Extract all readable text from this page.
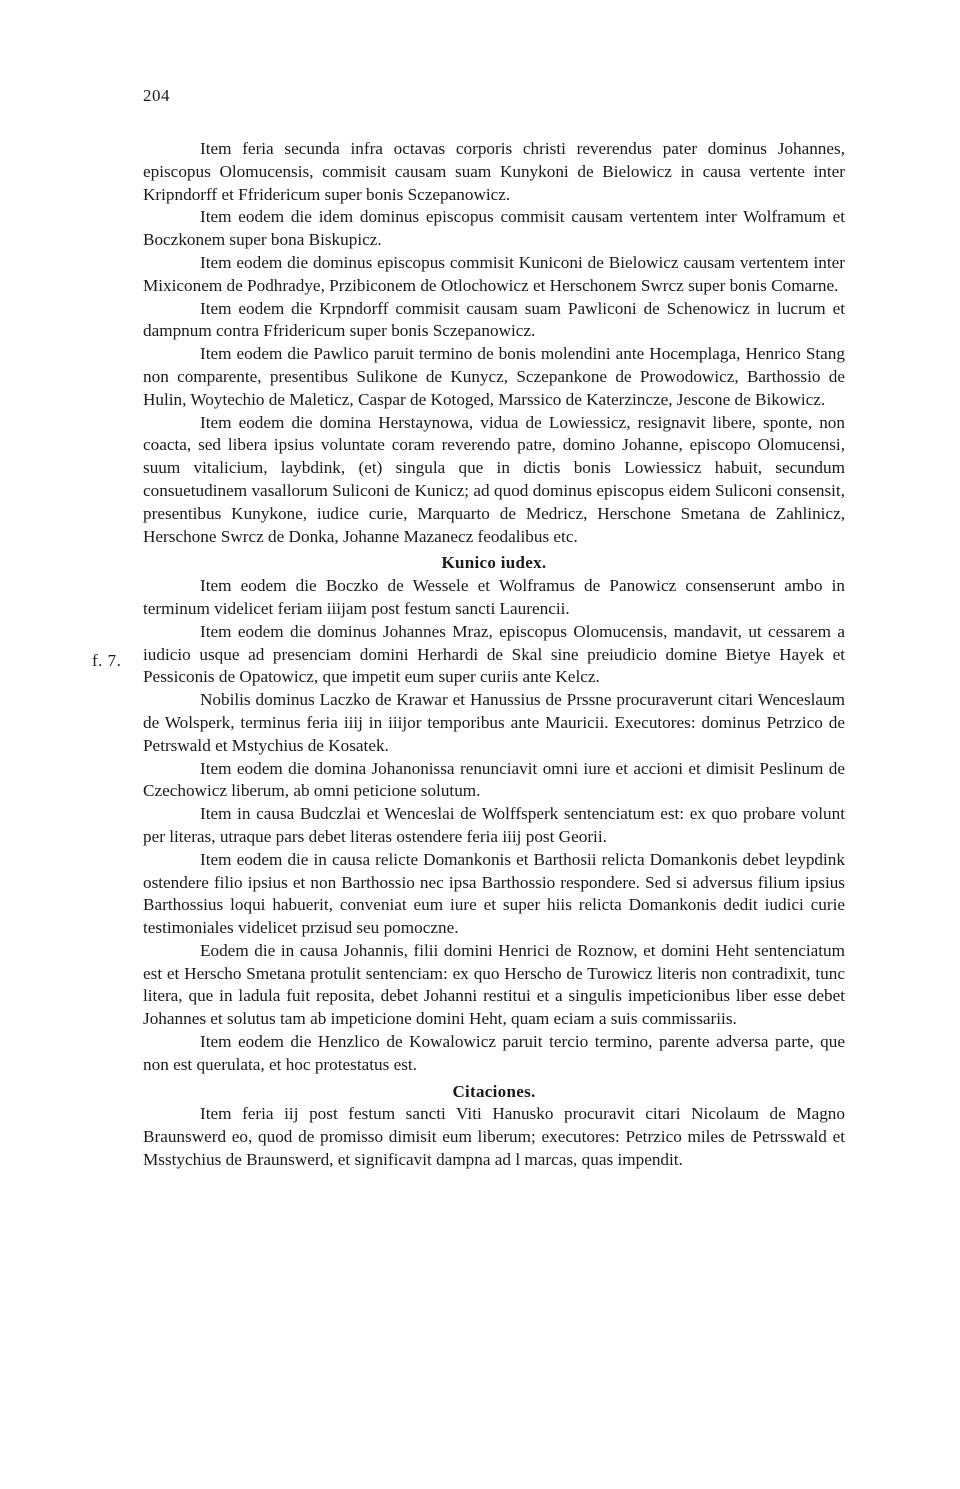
204
f. 7.

Item feria secunda infra octavas corporis christi reverendus pater dominus Johannes, episcopus Olomucensis, commisit causam suam Kunykoni de Bielowicz in causa vertente inter Kripndorff et Ffridericum super bonis Sczepanowicz.

Item eodem die idem dominus episcopus commisit causam vertentem inter Wolframum et Boczkonem super bona Biskupicz.

Item eodem die dominus episcopus commisit Kuniconi de Bielowicz causam vertentem inter Mixiconem de Podhradye, Przibiconem de Otlochowicz et Herschonem Swrcz super bonis Comarne.

Item eodem die Krpndorff commisit causam suam Pawliconi de Schenowicz in lucrum et dampnum contra Ffridericum super bonis Sczepanowicz.

Item eodem die Pawlico paruit termino de bonis molendini ante Hocemplaga, Henrico Stang non comparente, presentibus Sulikone de Kunycz, Sczepankone de Prowodowicz, Barthossio de Hulin, Woytechio de Maleticz, Caspar de Kotoged, Marssico de Katerzincze, Jescone de Bikowicz.

Item eodem die domina Herstaynowa, vidua de Lowiessicz, resignavit libere, sponte, non coacta, sed libera ipsius voluntate coram reverendo patre, domino Johanne, episcopo Olomucensi, suum vitalicium, laybdink, (et) singula que in dictis bonis Lowiessicz habuit, secundum consuetudinem vasallorum Suliconi de Kunicz; ad quod dominus episcopus eidem Suliconi consensit, presentibus Kunykone, iudice curie, Marquarto de Medricz, Herschone Smetana de Zahlinicz, Herschone Swrcz de Donka, Johanne Mazanecz feodalibus etc.

Kunico iudex.

Item eodem die Boczko de Wessele et Wolframus de Panowicz consenserunt ambo in terminum videlicet feriam iiijam post festum sancti Laurencii.

Item eodem die dominus Johannes Mraz, episcopus Olomucensis, mandavit, ut cessarem a iudicio usque ad presenciam domini Herhardi de Skal sine preiudicio domine Bietye Hayek et Pessiconis de Opatowicz, que impetit eum super curiis ante Kelcz.

Nobilis dominus Laczko de Krawar et Hanussius de Prssne procuraverunt citari Wenceslaum de Wolsperk, terminus feria iiij in iiijor temporibus ante Mauricii. Executores: dominus Petrzico de Petrswald et Mstychius de Kosatek.

Item eodem die domina Johanonissa renunciavit omni iure et accioni et dimisit Peslinum de Czechowicz liberum, ab omni peticione solutum.

Item in causa Budczlai et Wenceslai de Wolffsperk sentenciatum est: ex quo probare volunt per literas, utraque pars debet literas ostendere feria iiij post Georii.

Item eodem die in causa relicte Domankonis et Barthosii relicta Domankonis debet leypdink ostendere filio ipsius et non Barthossio nec ipsa Barthossio respondere. Sed si adversus filium ipsius Barthossius loqui habuerit, conveniat eum iure et super hiis relicta Domankonis dedit iudici curie testimoniales videlicet przisud seu pomoczne.

Eodem die in causa Johannis, filii domini Henrici de Roznow, et domini Heht sentenciatum est et Herscho Smetana protulit sentenciam: ex quo Herscho de Turowicz literis non contradixit, tunc litera, que in ladula fuit reposita, debet Johanni restitui et a singulis impeticionibus liber esse debet Johannes et solutus tam ab impeticione domini Heht, quam eciam a suis commissariis.

Item eodem die Henzlico de Kowalowicz paruit tercio termino, parente adversa parte, que non est querulata, et hoc protestatus est.

Citaciones.

Item feria iij post festum sancti Viti Hanusko procuravit citari Nicolaum de Magno Braunswerd eo, quod de promisso dimisit eum liberum; executores: Petrzico miles de Petrsswald et Msstychius de Braunswerd, et significavit dampna ad l marcas, quas impendit.
